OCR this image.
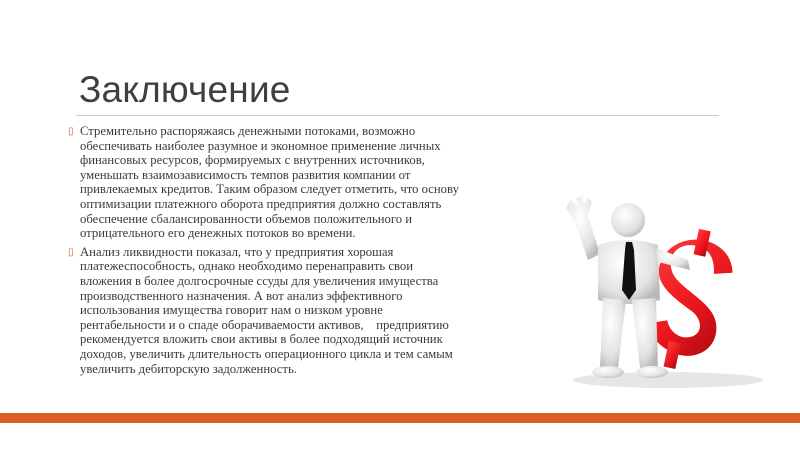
Заключение
▯ Стремительно распоряжаясь денежными потоками, возможно
обеспечивать наиболее разумное и экономное применение личных
финансовых ресурсов, формируемых с внутренних источников,
уменьшать взаимозависимость темпов развития компании от
привлекаемых кредитов. Таким образом следует отметить, что основу
оптимизации платежного оборота предприятия должно составлять
обеспечение сбалансированности объемов положительного и
отрицательного его денежных потоков во времени.
▯ Анализ ликвидности показал, что у предприятия хорошая
платежеспособность, однако необходимо перенаправить свои
вложения в более долгосрочные ссуды для увеличения имущества
производственного назначения. А вот анализ эффективного
использования имущества говорит нам о низком уровне
рентабельности и о спаде оборачиваемости активов,    предприятию
рекомендуется вложить свои активы в более подходящий источник
доходов, увеличить длительность операционного цикла и тем самым
увеличить дебиторскую задолженность.
